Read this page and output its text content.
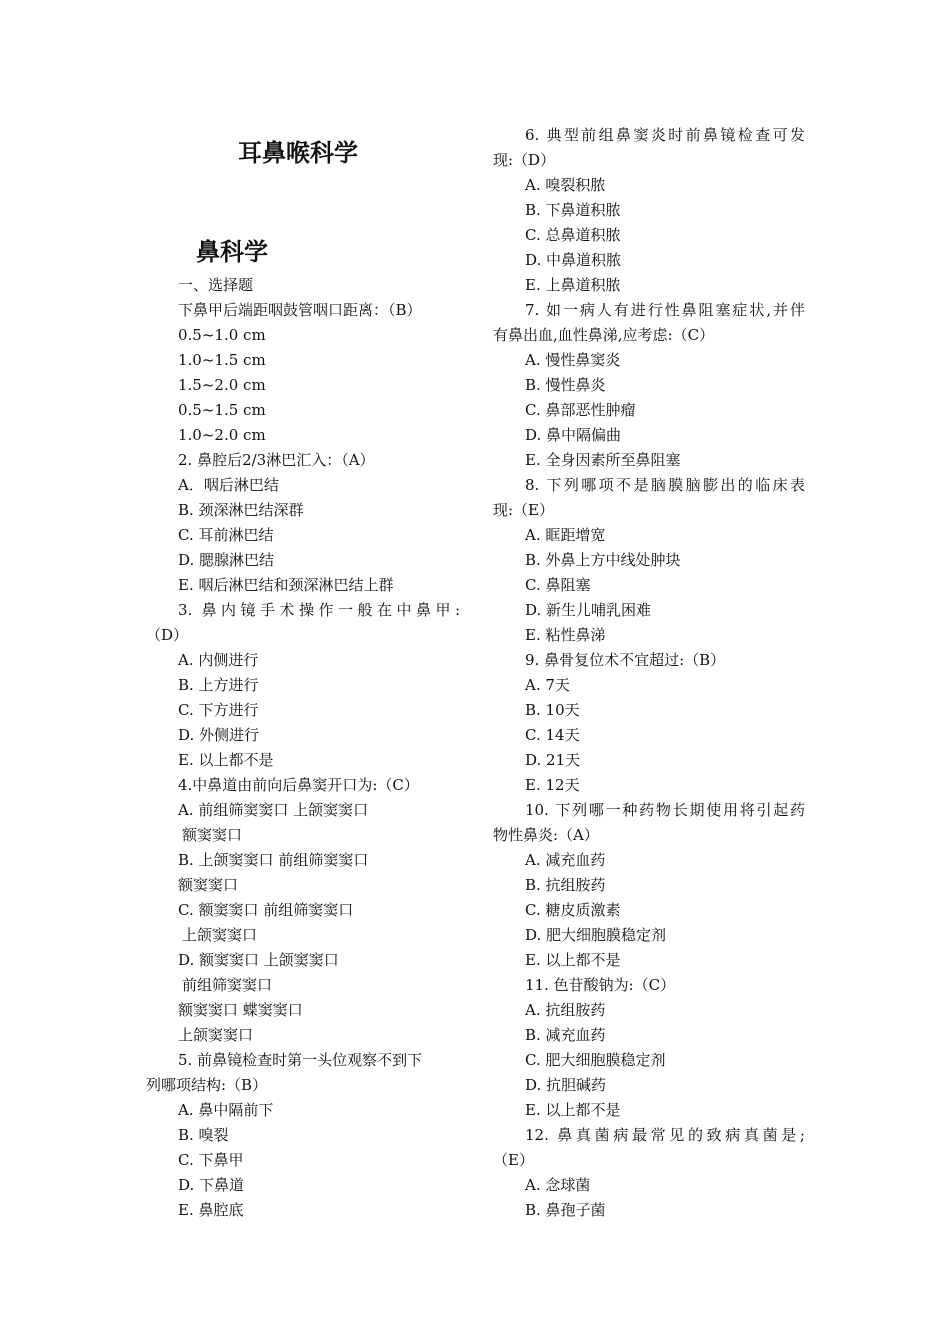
耳鼻喉科学
鼻科学
一、选择题
下鼻甲后端距咽鼓管咽口距离：（B）
0.5~1.0 cm
1.0~1.5 cm
1.5~2.0 cm
0.5~1.5 cm
1.0~2.0 cm
2. 鼻腔后2/3淋巴汇入：（A）
A．咽后淋巴结
B. 颈深淋巴结深群
C. 耳前淋巴结
D. 腮腺淋巴结
E. 咽后淋巴结和颈深淋巴结上群
3. 鼻内镜手术操作一般在中鼻甲:
（D）
A. 内侧进行
B. 上方进行
C. 下方进行
D. 外侧进行
E. 以上都不是
4.中鼻道由前向后鼻窦开口为:（C）
A. 前组筛窦窦口 上颌窦窦口
额窦窦口
B. 上颌窦窦口 前组筛窦窦口
额窦窦口
C. 额窦窦口 前组筛窦窦口
上颌窦窦口
D. 额窦窦口 上颌窦窦口
前组筛窦窦口
额窦窦口 蝶窦窦口
上颌窦窦口
5. 前鼻镜检查时第一头位观察不到下
列哪项结构:（B）
A. 鼻中隔前下
B. 嗅裂
C. 下鼻甲
D. 下鼻道
E. 鼻腔底
6. 典型前组鼻窦炎时前鼻镜检查可发
现:（D）
A. 嗅裂积脓
B. 下鼻道积脓
C. 总鼻道积脓
D. 中鼻道积脓
E. 上鼻道积脓
7. 如一病人有进行性鼻阻塞症状,并伴
有鼻出血,血性鼻涕,应考虑:（C）
A. 慢性鼻窦炎
B. 慢性鼻炎
C. 鼻部恶性肿瘤
D. 鼻中隔偏曲
E. 全身因素所至鼻阻塞
8. 下列哪项不是脑膜脑膨出的临床表
现:（E）
A. 眶距增宽
B. 外鼻上方中线处肿块
C. 鼻阻塞
D. 新生儿哺乳困难
E. 粘性鼻涕
9. 鼻骨复位术不宜超过:（B）
A. 7天
B. 10天
C. 14天
D. 21天
E. 12天
10. 下列哪一种药物长期使用将引起药
物性鼻炎:（A）
A. 减充血药
B. 抗组胺药
C. 糖皮质激素
D. 肥大细胞膜稳定剂
E. 以上都不是
11. 色苷酸钠为:（C）
A. 抗组胺药
B. 减充血药
C. 肥大细胞膜稳定剂
D. 抗胆碱药
E. 以上都不是
12. 鼻真菌病最常见的致病真菌是;
（E）
A. 念球菌
B. 鼻孢子菌
